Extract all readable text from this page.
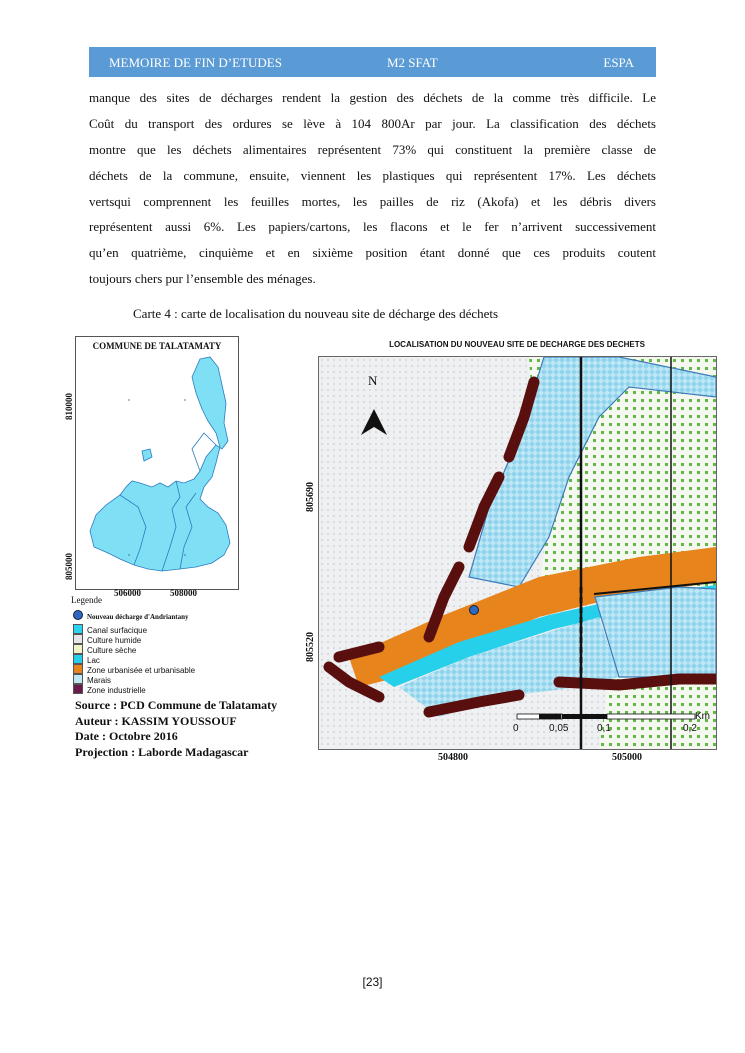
MEMOIRE DE FIN D’ETUDES	M2 SFAT	ESPA
manque des sites de décharges rendent la gestion des déchets de la comme très difficile. Le
Coût du transport des ordures se lève à 104 800Ar par jour. La classification des déchets
montre que les déchets alimentaires représentent 73% qui constituent la première classe de
déchets de la commune, ensuite, viennent les plastiques qui représentent 17%. Les déchets
vertsqui comprennent les feuilles mortes, les pailles de riz (Akofa) et les débris divers
représentent aussi 6%. Les papiers/cartons, les flacons et le fer n’arrivent successivement
qu’en quatrième, cinquième et en sixième position étant donné que ces produits coutent
toujours chers pur l’ensemble des ménages.
Carte 4 : carte de localisation du nouveau site de décharge des déchets
COMMUNE DE TALATAMATY
810000
805000
506000	508000
Legende
Nouveau décharge d'Andriantany
Canal surfacique
Culture humide
Culture sèche
Lac
Zone urbanisée et urbanisable
Marais
Zone industrielle
Source : PCD Commune de Talatamaty
Auteur : KASSIM YOUSSOUF
Date : Octobre 2016
Projection : Laborde Madagascar
LOCALISATION DU NOUVEAU SITE DE DECHARGE DES DECHETS
N
0	0,05	0,1	0,2
Km
805690
805520
504800	505000
[23]
